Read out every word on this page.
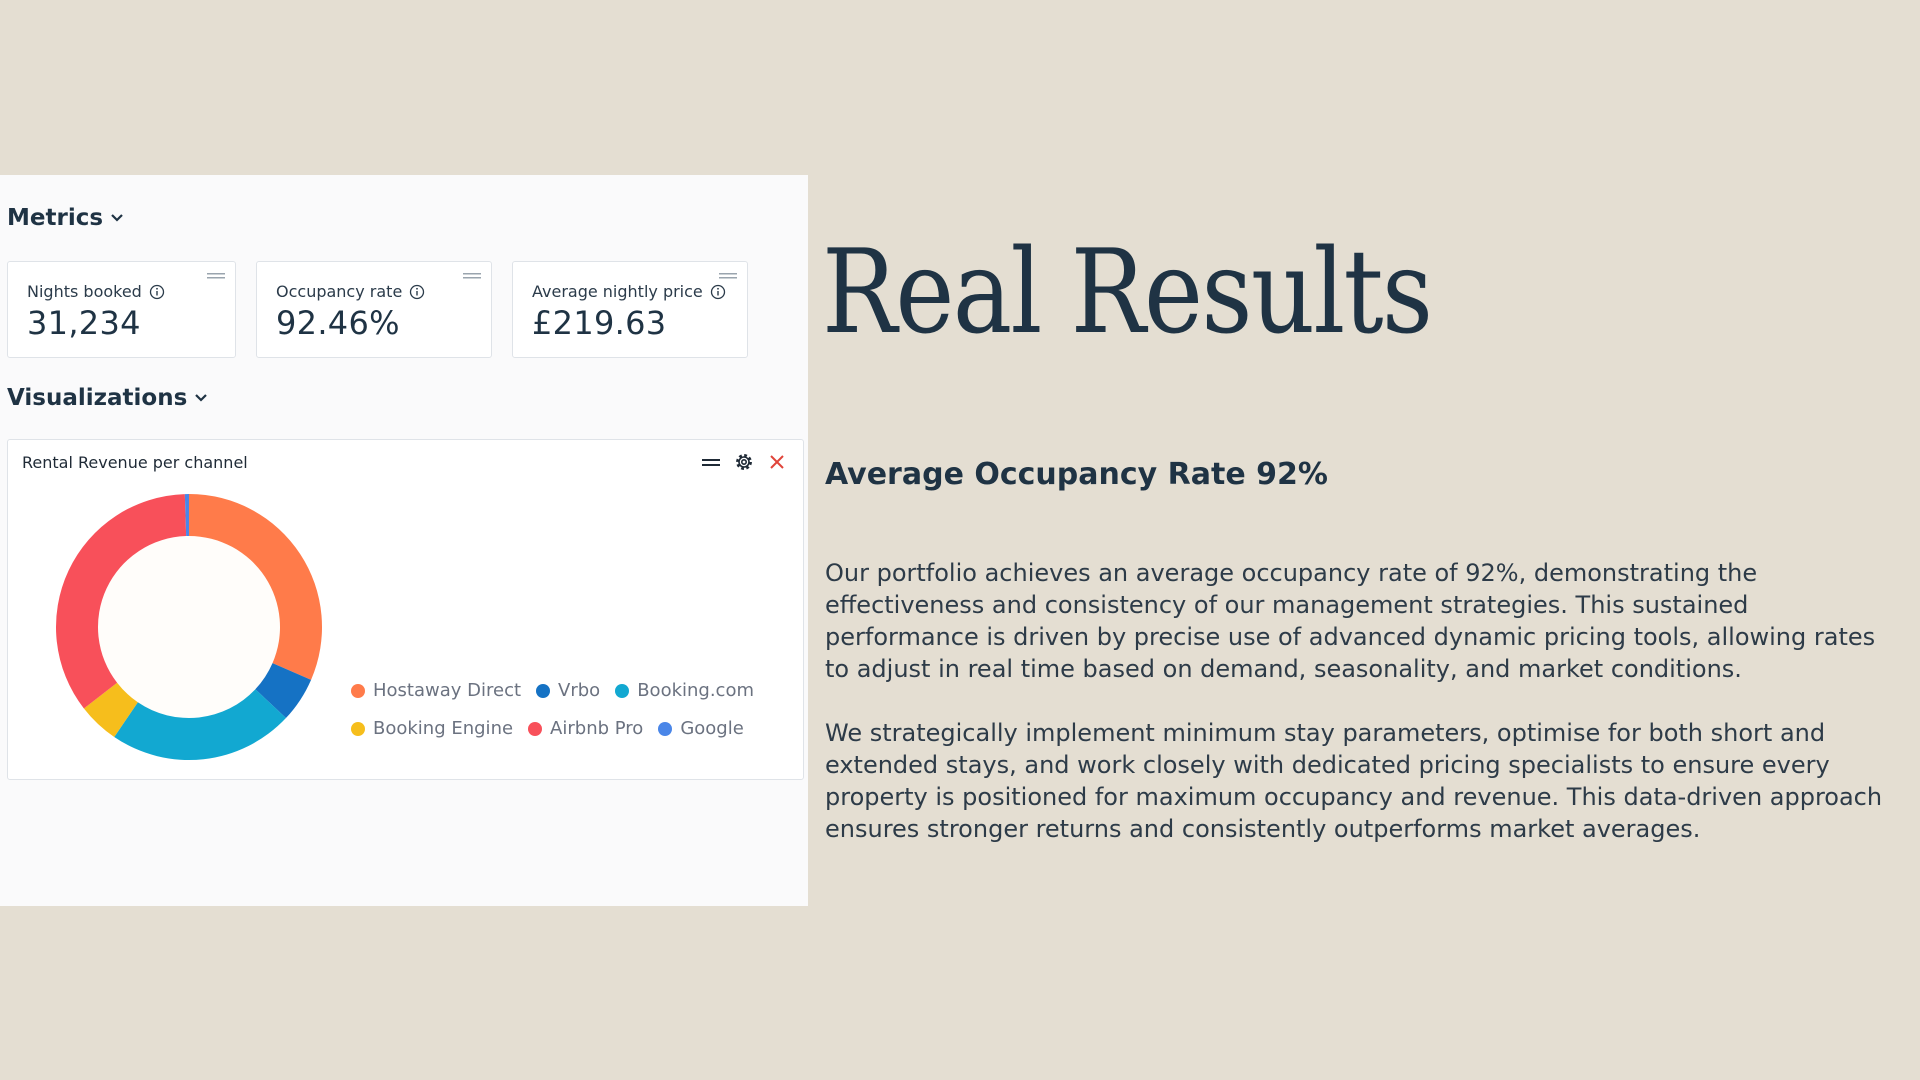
Metrics
Nights booked
31,234
Occupancy rate
92.46%
Average nightly price
£219.63
Visualizations
Rental Revenue per channel
Hostaway Direct Vrbo Booking.com
Booking Engine Airbnb Pro Google
Real Results
Average Occupancy Rate 92%
Our portfolio achieves an average occupancy rate of 92%, demonstrating the effectiveness and consistency of our management strategies. This sustained performance is driven by precise use of advanced dynamic pricing tools, allowing rates to adjust in real time based on demand, seasonality, and market conditions.
We strategically implement minimum stay parameters, optimise for both short and extended stays, and work closely with dedicated pricing specialists to ensure every property is positioned for maximum occupancy and revenue. This data-driven approach ensures stronger returns and consistently outperforms market averages.
